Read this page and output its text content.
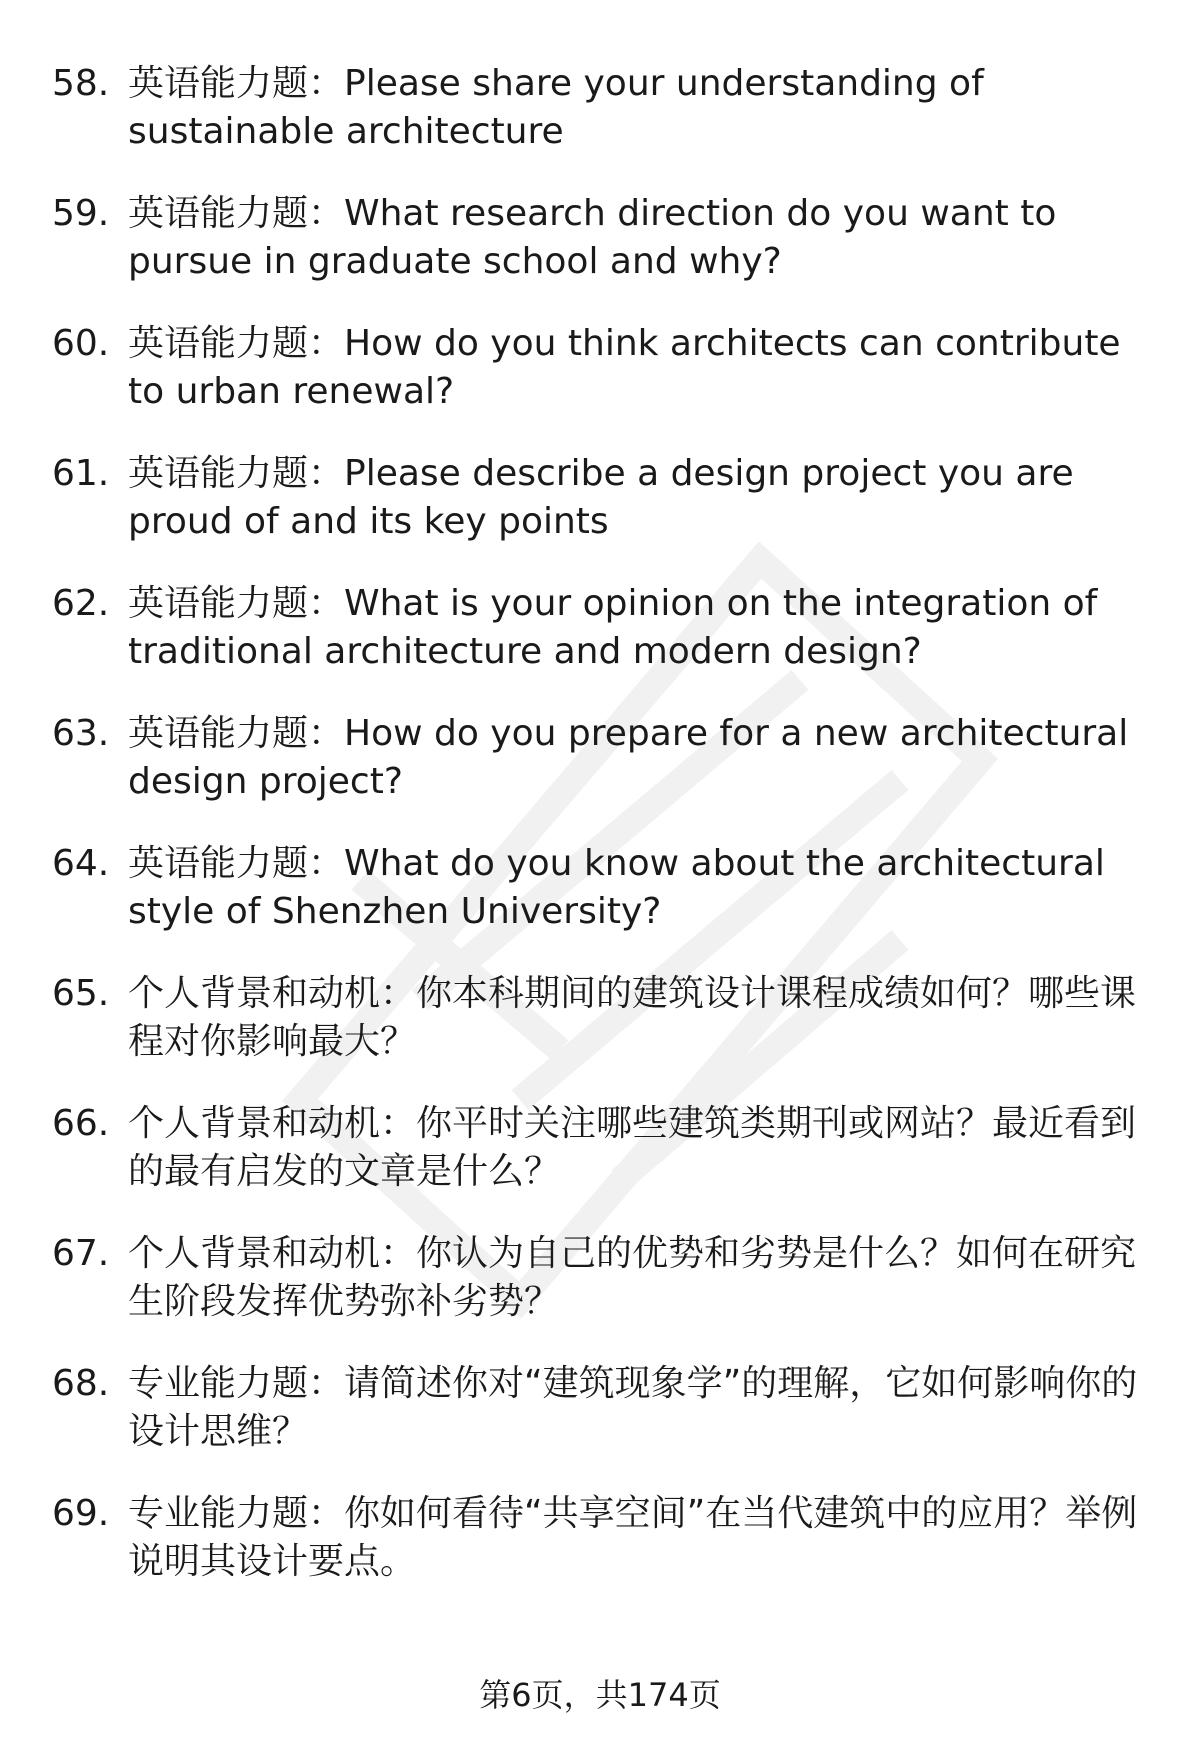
58. 英语能力题：Please share your understanding of sustainable architecture
59. 英语能力题：What research direction do you want to pursue in graduate school and why?
60. 英语能力题：How do you think architects can contribute to urban renewal?
61. 英语能力题：Please describe a design project you are proud of and its key points
62. 英语能力题：What is your opinion on the integration of traditional architecture and modern design?
63. 英语能力题：How do you prepare for a new architectural design project?
64. 英语能力题：What do you know about the architectural style of Shenzhen University?
65. 个人背景和动机：你本科期间的建筑设计课程成绩如何？哪些课程对你影响最大？
66. 个人背景和动机：你平时关注哪些建筑类期刊或网站？最近看到的最有启发的文章是什么？
67. 个人背景和动机：你认为自己的优势和劣势是什么？如何在研究生阶段发挥优势弥补劣势？
68. 专业能力题：请简述你对“建筑现象学”的理解，它如何影响你的设计思维？
69. 专业能力题：你如何看待“共享空间”在当代建筑中的应用？举例说明其设计要点。
第6页，共174页
